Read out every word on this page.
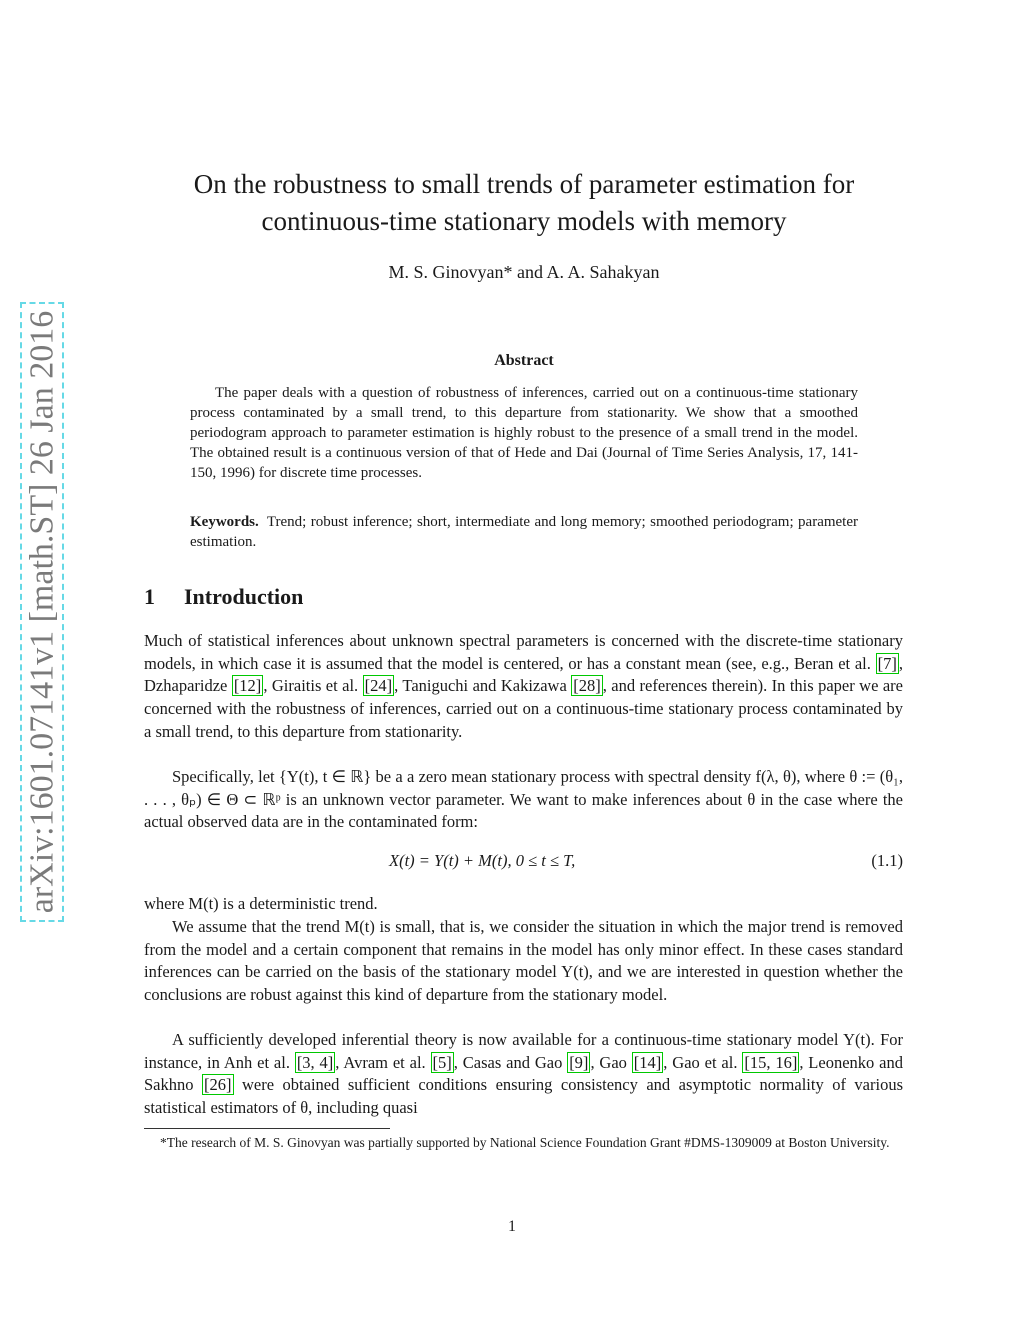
arXiv:1601.07141v1 [math.ST] 26 Jan 2016
On the robustness to small trends of parameter estimation for
continuous-time stationary models with memory
M. S. Ginovyan* and A. A. Sahakyan
Abstract

The paper deals with a question of robustness of inferences, carried out on a continuous-time stationary process contaminated by a small trend, to this departure from stationarity. We show that a smoothed periodogram approach to parameter estimation is highly robust to the presence of a small trend in the model. The obtained result is a continuous version of that of Hede and Dai (Journal of Time Series Analysis, 17, 141-150, 1996) for discrete time processes.

Keywords. Trend; robust inference; short, intermediate and long memory; smoothed periodogram; parameter estimation.

1 Introduction

Much of statistical inferences about unknown spectral parameters is concerned with the discrete-time stationary models, in which case it is assumed that the model is centered, or has a constant mean (see, e.g., Beran et al. [7] , Dzhaparidze [12] , Giraitis et al. [24] , Taniguchi and Kakizawa [28] , and references therein). In this paper we are concerned with the robustness of inferences, carried out on a continuous-time stationary process contaminated by a small trend, to this departure from stationarity.

Specifically, let {Y(t), t ∈ ℝ} be a a zero mean stationary process with spectral density f(λ, θ), where θ := (θ₁, . . . , θₚ) ∈ Θ ⊂ ℝᵖ is an unknown vector parameter. We want to make inferences about θ in the case where the actual observed data are in the contaminated form:

X(t) = Y(t) + M(t), 0 ≤ t ≤ T,	(1.1)

where M(t) is a deterministic trend.

We assume that the trend M(t) is small, that is, we consider the situation in which the major trend is removed from the model and a certain component that remains in the model has only minor effect. In these cases standard inferences can be carried on the basis of the stationary model Y(t), and we are interested in question whether the conclusions are robust against this kind of departure from the stationary model.

A sufficiently developed inferential theory is now available for a continuous-time stationary model Y(t). For instance, in Anh et al. [3, 4] , Avram et al. [5] , Casas and Gao [9] , Gao [14] , Gao et al. [15, 16] , Leonenko and Sakhno [26] were obtained sufficient conditions ensuring consistency and asymptotic normality of various statistical estimators of θ, including quasi

*The research of M. S. Ginovyan was partially supported by National Science Foundation Grant #DMS-1309009 at Boston University.

1
